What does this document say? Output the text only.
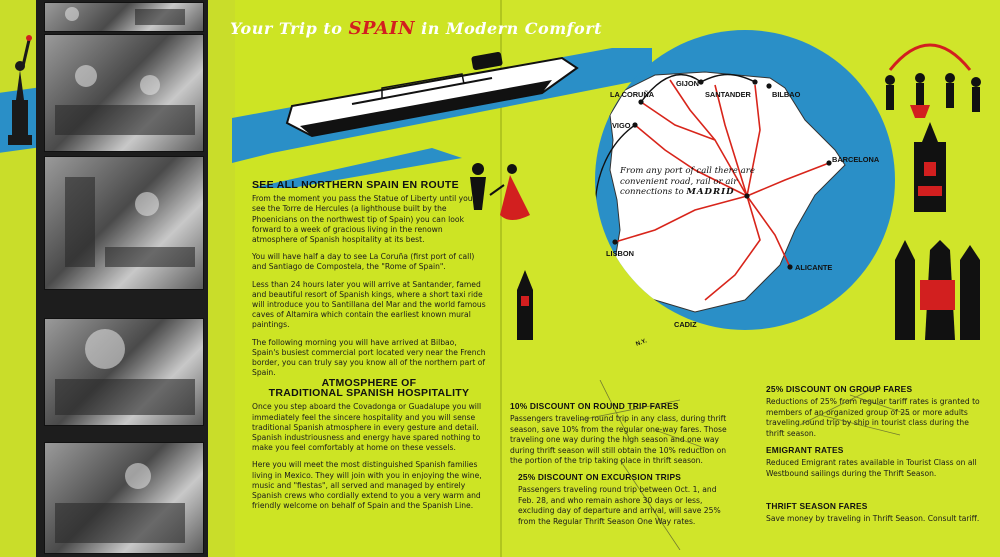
Your Trip to SPAIN in Modern Comfort
LA CORUÑA
GIJON
SANTANDER	BILBAO
VIGO
BARCELONA
LISBON
ALICANTE
CADIZ
N.Y.
From any port of call there are
convenient road, rail or air
connections to MADRID
SEE ALL NORTHERN SPAIN EN ROUTE

From the moment you pass the Statue of Liberty until you see the Torre de Hercules (a lighthouse built by the Phoenicians on the northwest tip of Spain) you can look forward to a week of gracious living in the renown atmosphere of Spanish hospitality at its best.

You will have half a day to see La Coruña (first port of call) and Santiago de Compostela, the "Rome of Spain".

Less than 24 hours later you will arrive at Santander, famed and beautiful resort of Spanish kings, where a short taxi ride will introduce you to Santillana del Mar and the world famous caves of Altamira which contain the earliest known mural paintings.

The following morning you will have arrived at Bilbao, Spain's busiest commercial port located very near the French border, you can truly say you know all of the northern part of Spain.

ATMOSPHERE OF
TRADITIONAL SPANISH HOSPITALITY

Once you step aboard the Covadonga or Guadalupe you will immediately feel the sincere hospitality and you will sense traditional Spanish atmosphere in every gesture and detail. Spanish industriousness and energy have spared nothing to make you feel comfortably at home on these vessels.

Here you will meet the most distinguished Spanish families living in Mexico. They will join with you in enjoying the wine, music and "fiestas", all served and managed by entirely Spanish crews who cordially extend to you a very warm and friendly welcome on behalf of Spain and the Spanish Line.

10% DISCOUNT ON ROUND TRIP FARES
Passengers traveling round trip in any class, during thrift season, save 10% from the regular one-way fares. Those traveling one way during the high season and one way during thrift season will still obtain the 10% reduction on the portion of the trip taking place in thrift season.
25% DISCOUNT ON EXCURSION TRIPS
Passengers traveling round trip between Oct. 1, and Feb. 28, and who remain ashore 30 days or less, excluding day of departure and arrival, will save 25% from the Regular Thrift Season One Way rates.
25% DISCOUNT ON GROUP FARES
Reductions of 25% from regular tariff rates is granted to members of an organized group of 25 or more adults traveling round trip by ship in tourist class during the thrift season.
EMIGRANT RATES
Reduced Emigrant rates available in Tourist Class on all Westbound sailings during the Thrift Season.
THRIFT SEASON FARES
Save money by traveling in Thrift Season. Consult tariff.
